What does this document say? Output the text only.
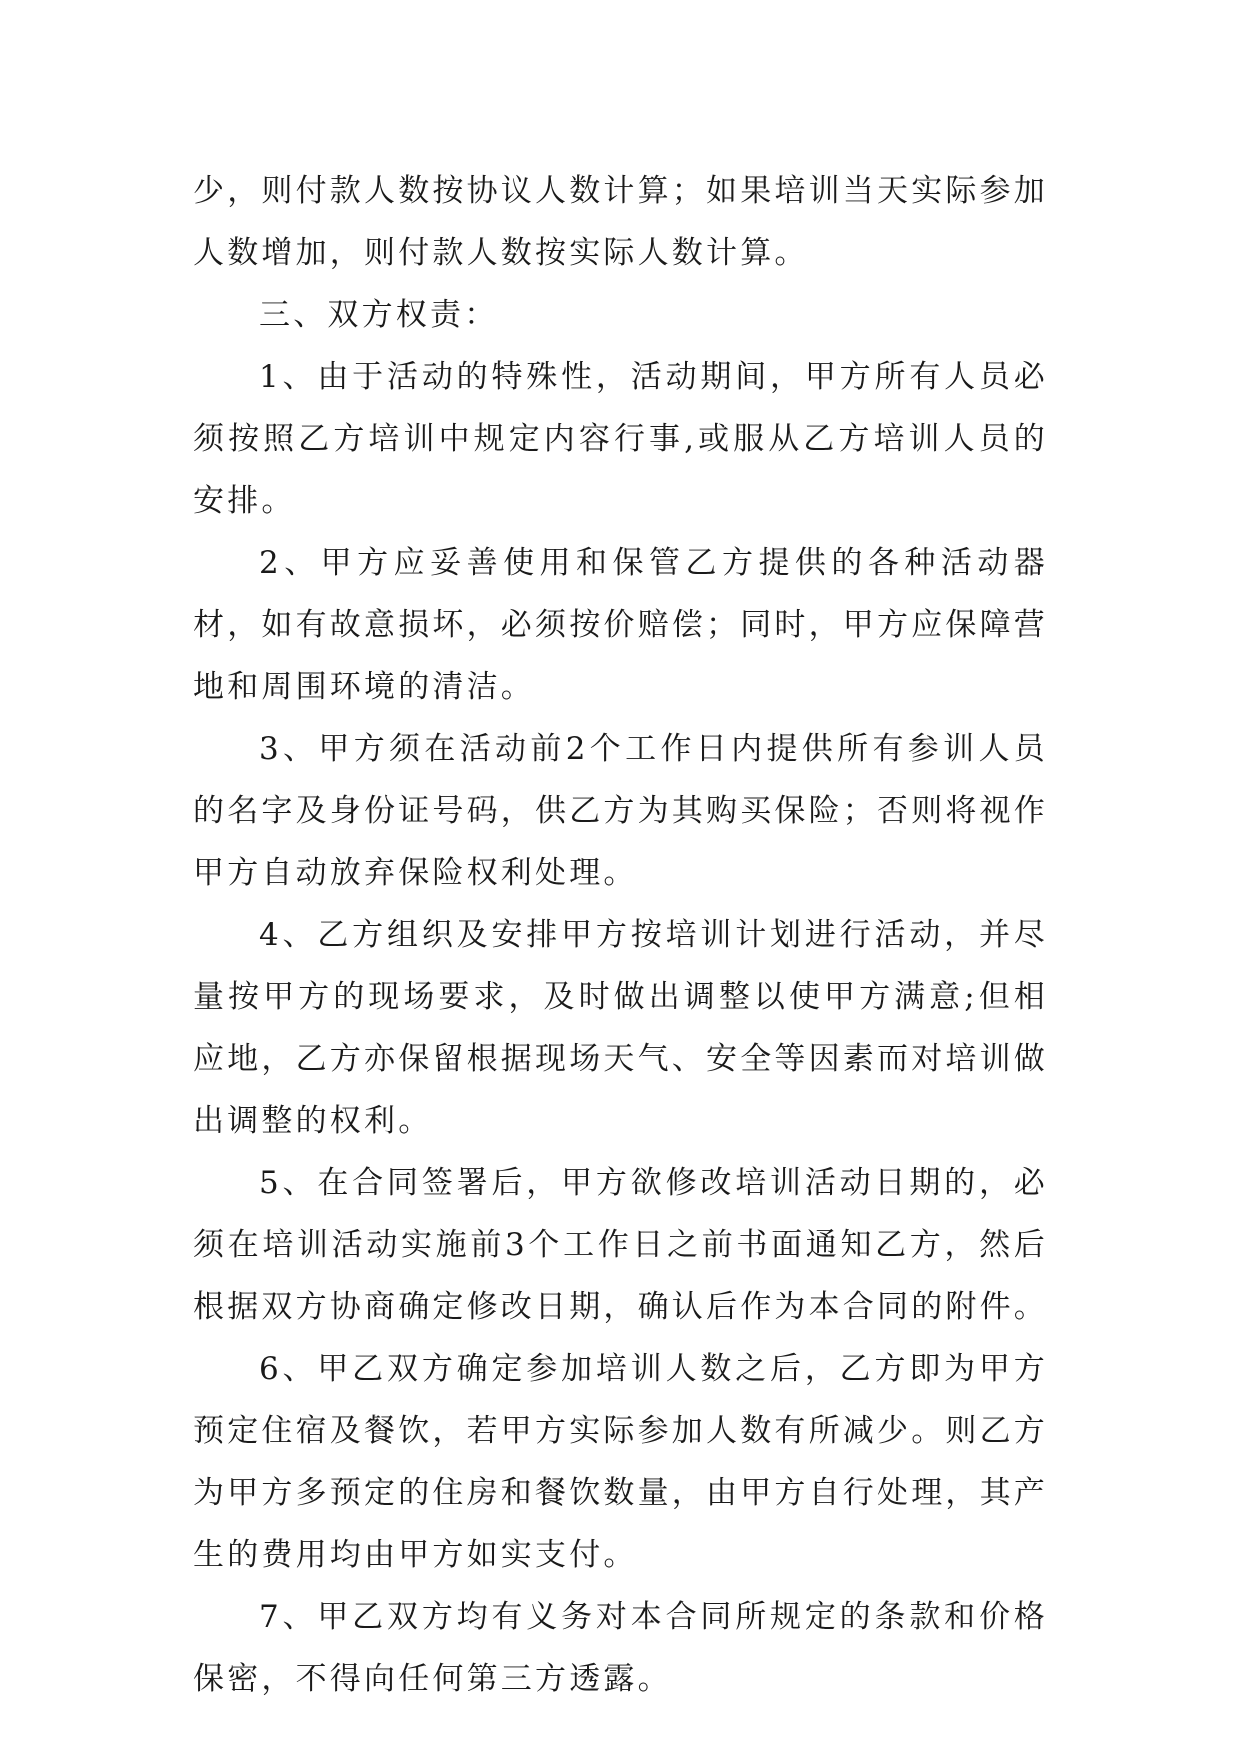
少，则付款人数按协议人数计算；如果培训当天实际参加人数增加，则付款人数按实际人数计算。

三、双方权责：

1、由于活动的特殊性，活动期间，甲方所有人员必须按照乙方培训中规定内容行事,或服从乙方培训人员的安排。

2、甲方应妥善使用和保管乙方提供的各种活动器材，如有故意损坏，必须按价赔偿；同时，甲方应保障营地和周围环境的清洁。

3、甲方须在活动前2个工作日内提供所有参训人员的名字及身份证号码，供乙方为其购买保险；否则将视作甲方自动放弃保险权利处理。

4、乙方组织及安排甲方按培训计划进行活动，并尽量按甲方的现场要求，及时做出调整以使甲方满意;但相应地，乙方亦保留根据现场天气、安全等因素而对培训做出调整的权利。

5、在合同签署后，甲方欲修改培训活动日期的，必须在培训活动实施前3个工作日之前书面通知乙方，然后根据双方协商确定修改日期，确认后作为本合同的附件。

6、甲乙双方确定参加培训人数之后，乙方即为甲方预定住宿及餐饮，若甲方实际参加人数有所减少。则乙方为甲方多预定的住房和餐饮数量，由甲方自行处理，其产生的费用均由甲方如实支付。

7、甲乙双方均有义务对本合同所规定的条款和价格保密，不得向任何第三方透露。
